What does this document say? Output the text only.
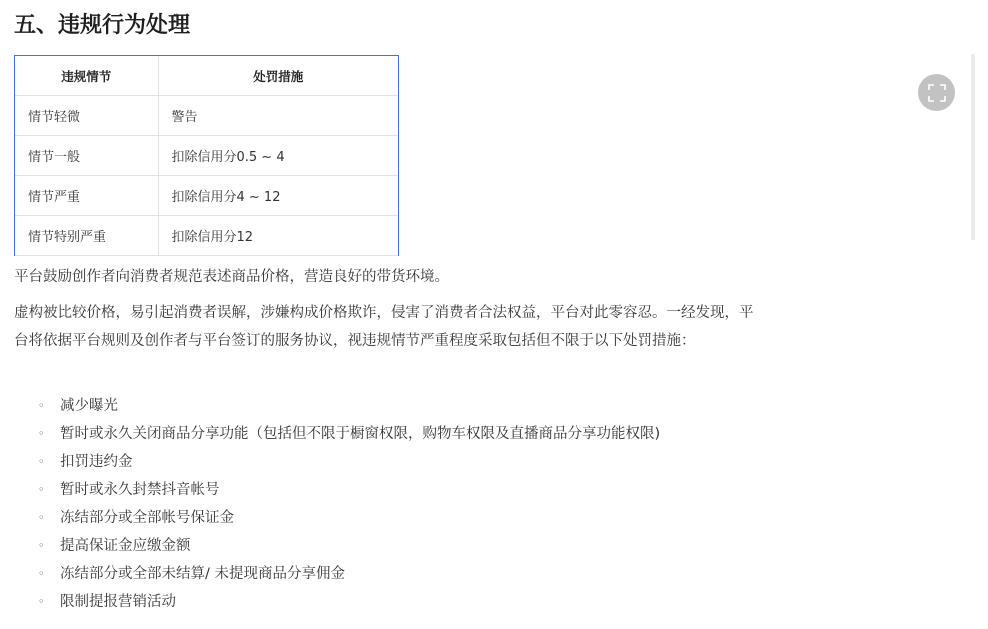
五、违规行为处理
违规情节	处罚措施
情节轻微	警告
情节一般	扣除信用分0.5 ~ 4
情节严重	扣除信用分4 ~ 12
情节特别严重	扣除信用分12

平台鼓励创作者向消费者规范表述商品价格，营造良好的带货环境。

虚构被比较价格，易引起消费者误解，涉嫌构成价格欺诈，侵害了消费者合法权益，平台对此零容忍。一经发现，平台将依据平台规则及创作者与平台签订的服务协议，视违规情节严重程度采取包括但不限于以下处罚措施：

◦ 减少曝光
◦ 暂时或永久关闭商品分享功能（包括但不限于橱窗权限，购物车权限及直播商品分享功能权限)
◦ 扣罚违约金
◦ 暂时或永久封禁抖音帐号
◦ 冻结部分或全部帐号保证金
◦ 提高保证金应缴金额
◦ 冻结部分或全部未结算/ 未提现商品分享佣金
◦ 限制提报营销活动
